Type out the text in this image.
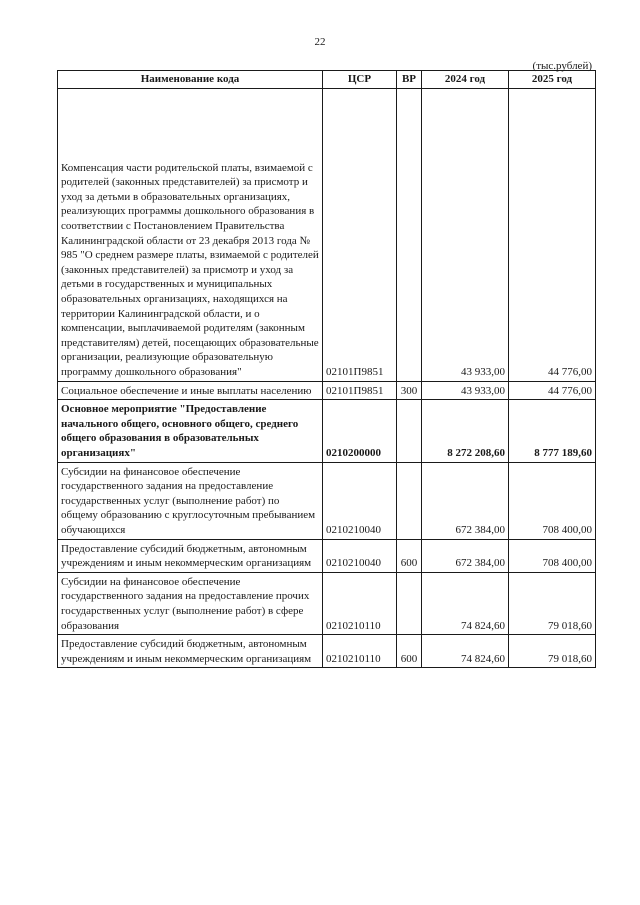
22
(тыс.рублей)
Наименование кода	ЦСР	ВР	2024 год	2025 год
Компенсация части родительской платы, взимаемой с родителей (законных представителей) за присмотр и уход за детьми в образовательных организациях, реализующих программы дошкольного образования в соответствии с Постановлением Правительства Калининградской области от 23 декабря 2013 года № 985 "О среднем размере платы, взимаемой с родителей (законных представителей) за присмотр и уход за детьми в государственных и муниципальных образовательных организациях, находящихся на территории Калининградской области, и о компенсации, выплачиваемой родителям (законным представителям) детей, посещающих образовательные организации, реализующие образовательную программу дошкольного образования"	02101П9851		43 933,00	44 776,00
Социальное обеспечение и иные выплаты населению	02101П9851	300	43 933,00	44 776,00
Основное мероприятие "Предоставление начального общего, основного общего, среднего общего образования в образовательных организациях"	0210200000		8 272 208,60	8 777 189,60
Субсидии на финансовое обеспечение государственного задания на предоставление государственных услуг (выполнение работ) по общему образованию с круглосуточным пребыванием обучающихся	0210210040		672 384,00	708 400,00
Предоставление субсидий бюджетным, автономным учреждениям и иным некоммерческим организациям	0210210040	600	672 384,00	708 400,00
Субсидии на финансовое обеспечение государственного задания на предоставление прочих государственных услуг (выполнение работ) в сфере образования	0210210110		74 824,60	79 018,60
Предоставление субсидий бюджетным, автономным учреждениям и иным некоммерческим организациям	0210210110	600	74 824,60	79 018,60
